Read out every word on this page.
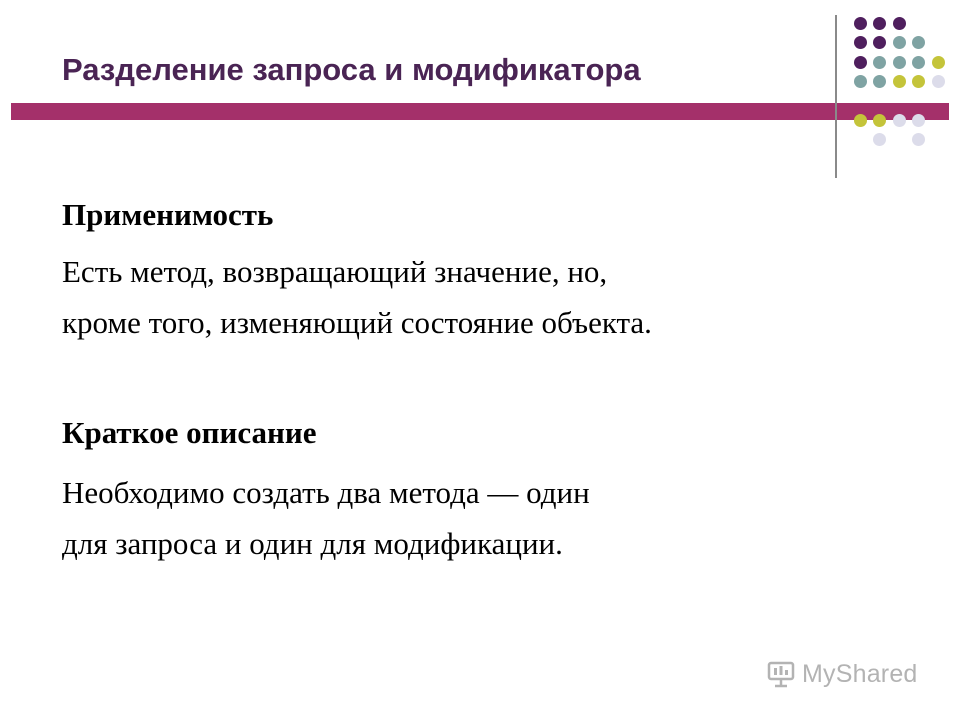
Разделение запроса и модификатора
Применимость

Есть метод, возвращающий значение, но,
кроме того, изменяющий состояние объекта.

Краткое описание

Необходимо создать два метода — один
для запроса и один для модификации.

MyShared
